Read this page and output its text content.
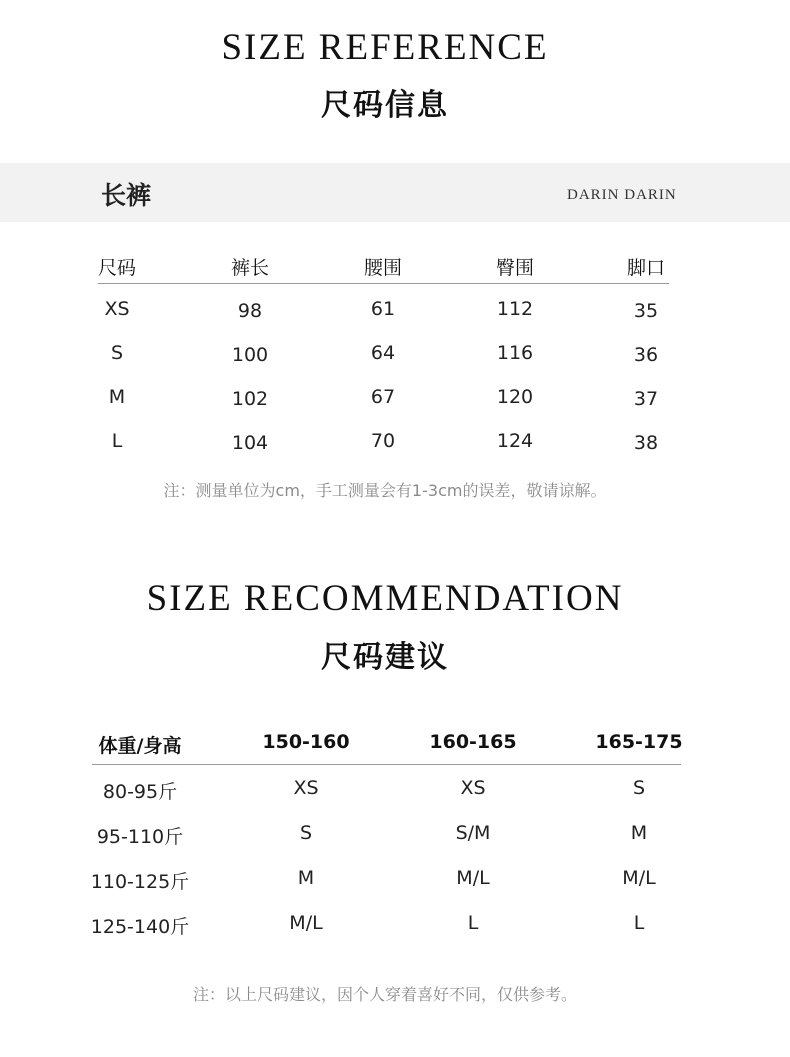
SIZE REFERENCE
尺码信息
长裤	DARIN DARIN
尺码	裤长	腰围	臀围	脚口
XS	98	61	112	35
S	100	64	116	36
M	102	67	120	37
L	104	70	124	38
注：测量单位为cm，手工测量会有1-3cm的误差，敬请谅解。
SIZE RECOMMENDATION
尺码建议
体重/身高	150-160	160-165	165-175
80-95斤	XS	XS	S
95-110斤	S	S/M	M
110-125斤	M	M/L	M/L
125-140斤	M/L	L	L
注：以上尺码建议，因个人穿着喜好不同，仅供参考。
